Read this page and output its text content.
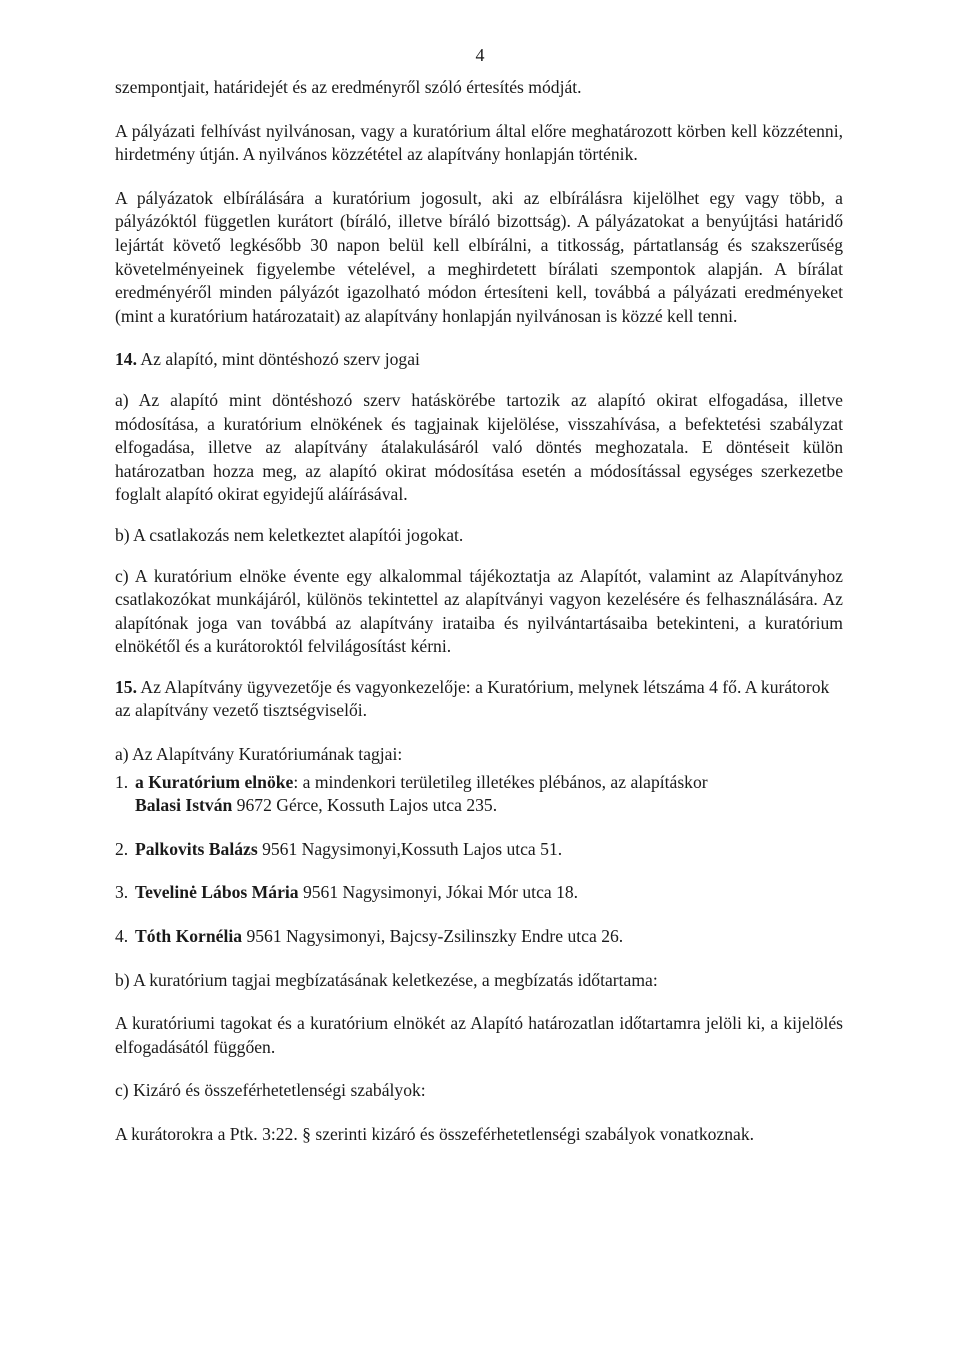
4

szempontjait, határidejét és az eredményről szóló értesítés módját.

A pályázati felhívást nyilvánosan, vagy a kuratórium által előre meghatározott körben kell közzétenni, hirdetmény útján. A nyilvános közzététel az alapítvány honlapján történik.

A pályázatok elbírálására a kuratórium jogosult, aki az elbírálásra kijelölhet egy vagy több, a pályázóktól független kurátort (bíráló, illetve bíráló bizottság). A pályázatokat a benyújtási határidő lejártát követő legkésőbb 30 napon belül kell elbírálni, a titkosság, pártatlanság és szakszerűség követelményeinek figyelembe vételével, a meghirdetett bírálati szempontok alapján. A bírálat eredményéről minden pályázót igazolható módon értesíteni kell, továbbá a pályázati eredményeket (mint a kuratórium határozatait) az alapítvány honlapján nyilvánosan is közzé kell tenni.

14. Az alapító, mint döntéshozó szerv jogai

a) Az alapító mint döntéshozó szerv hatáskörébe tartozik az alapító okirat elfogadása, illetve módosítása, a kuratórium elnökének és tagjainak kijelölése, visszahívása, a befektetési szabályzat elfogadása, illetve az alapítvány átalakulásáról való döntés meghozatala. E döntéseit külön határozatban hozza meg, az alapító okirat módosítása esetén a módosítással egységes szerkezetbe foglalt alapító okirat egyidejű aláírásával.

b) A csatlakozás nem keletkeztet alapítói jogokat.

c) A kuratórium elnöke évente egy alkalommal tájékoztatja az Alapítót, valamint az Alapítványhoz csatlakozókat munkájáról, különös tekintettel az alapítványi vagyon kezelésére és felhasználására. Az alapítónak joga van továbbá az alapítvány irataiba és nyilvántartásaiba betekinteni, a kuratórium elnökétől és a kurátoroktól felvilágosítást kérni.

15. Az Alapítvány ügyvezetője és vagyonkezelője: a Kuratórium, melynek létszáma 4 fő. A kurátorok az alapítvány vezető tisztségviselői.

a) Az Alapítvány Kuratóriumának tagjai:

1. a Kuratórium elnöke: a mindenkori területileg illetékes plébános, az alapításkor
Balasi István 9672 Gérce, Kossuth Lajos utca 235.
2. Palkovits Balázs 9561 Nagysimonyi,Kossuth Lajos utca 51.
3. Tevelinė Lábos Mária 9561 Nagysimonyi, Jókai Mór utca 18.
4. Tóth Kornélia 9561 Nagysimonyi, Bajcsy-Zsilinszky Endre utca 26.

b) A kuratórium tagjai megbízatásának keletkezése, a megbízatás időtartama:

A kuratóriumi tagokat és a kuratórium elnökét az Alapító határozatlan időtartamra jelöli ki, a kijelölés elfogadásától függően.

c) Kizáró és összeférhetetlenségi szabályok:

A kurátorokra a Ptk. 3:22. § szerinti kizáró és összeférhetetlenségi szabályok vonatkoznak.
